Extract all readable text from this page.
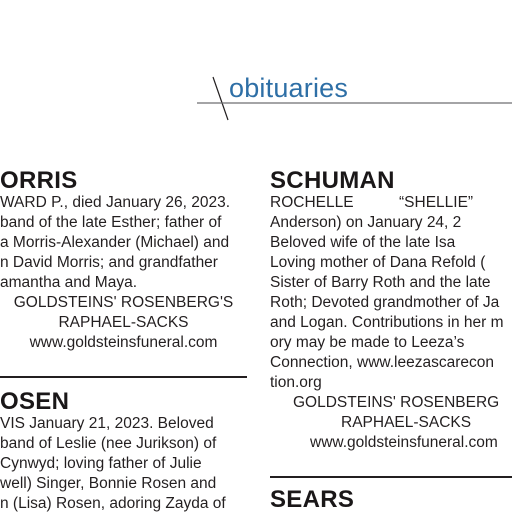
obituaries
ORRIS
WARD P., died January 26, 2023.
band of the late Esther; father of
a Morris-Alexander (Michael) and
n David Morris; and grandfather
amantha and Maya.
GOLDSTEINS' ROSENBERG'S
RAPHAEL-SACKS
www.goldsteinsfuneral.com
OSEN
VIS January 21, 2023. Beloved
band of Leslie (nee Jurikson) of
Cynwyd; loving father of Julie
well) Singer, Bonnie Rosen and
n (Lisa) Rosen, adoring Zayda of
SCHUMAN
ROCHELLE	“SHELLIE”
Anderson) on January 24, 2
Beloved wife of the late Isa
Loving mother of Dana Refold (
Sister of Barry Roth and the late
Roth; Devoted grandmother of Ja
and Logan. Contributions in her m
ory may be made to Leeza’s
Connection, www.leezascarecon
tion.org
GOLDSTEINS' ROSENBERG
RAPHAEL-SACKS
www.goldsteinsfuneral.com
SEARS
